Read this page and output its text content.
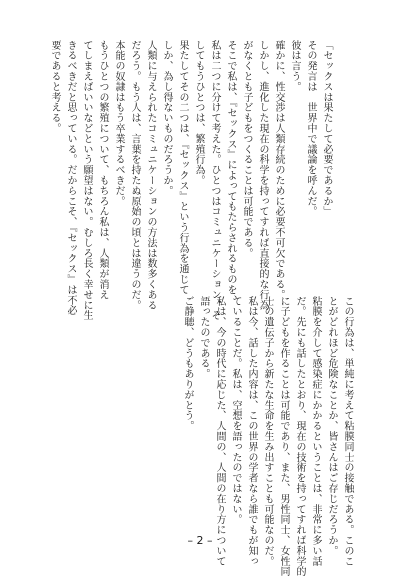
「セックスは果たして必要であるか」
その発言は　世界中で議論を呼んだ。
彼は言う。
確かに、性交渉は人類存続のために必要不可欠である。
しかし、進化した現在の科学を持ってすれば直接的な行為
がなくとも子どもをつくることは可能である。
そこで私は、『セックス』によってもたらされるものを、
私は二つに分けて考えた。ひとつはコミュニケーション、そ
してもうひとつは、繁殖行為。
果たしてその二つは、『セックス』という行為を通じて
しか、為し得ないものだろうか。
人類に与えられたコミュニケーションの方法は数多くある
だろう。もう人は、言葉を持たぬ原始の頃とは違うのだ。
本能の奴隷はもう卒業するべきだ。
もうひとつの繁殖について、もちろん私は、人類が消え
てしまえばいいなどという願望はない。むしろ長く幸せに生
きるべきだと思っている。だからこそ、『セックス』は不必
要であると考える。
この行為は、単純に考えて粘膜同士の接触である。このこ
とがどれほど危険なことか、皆さんはご存じだろうか。
粘膜を介して感染症にかかるということは、非常に多い話
だ。先にも話したとおり、現在の技術を持ってすれば科学的
に子どもを作ることは可能であり、また、男性同士、女性同
士の遺伝子から新たな生命を生み出すことも可能なのだ。
私は今、話した内容は、この世界の学者なら誰でもが知っ
ていることだ。私は、空想を語ったのではない。
私は、今の時代に応じた、人間の、人間の在り方について
語ったのである。
ご静聴、どうもありがとう。
– 2 –
